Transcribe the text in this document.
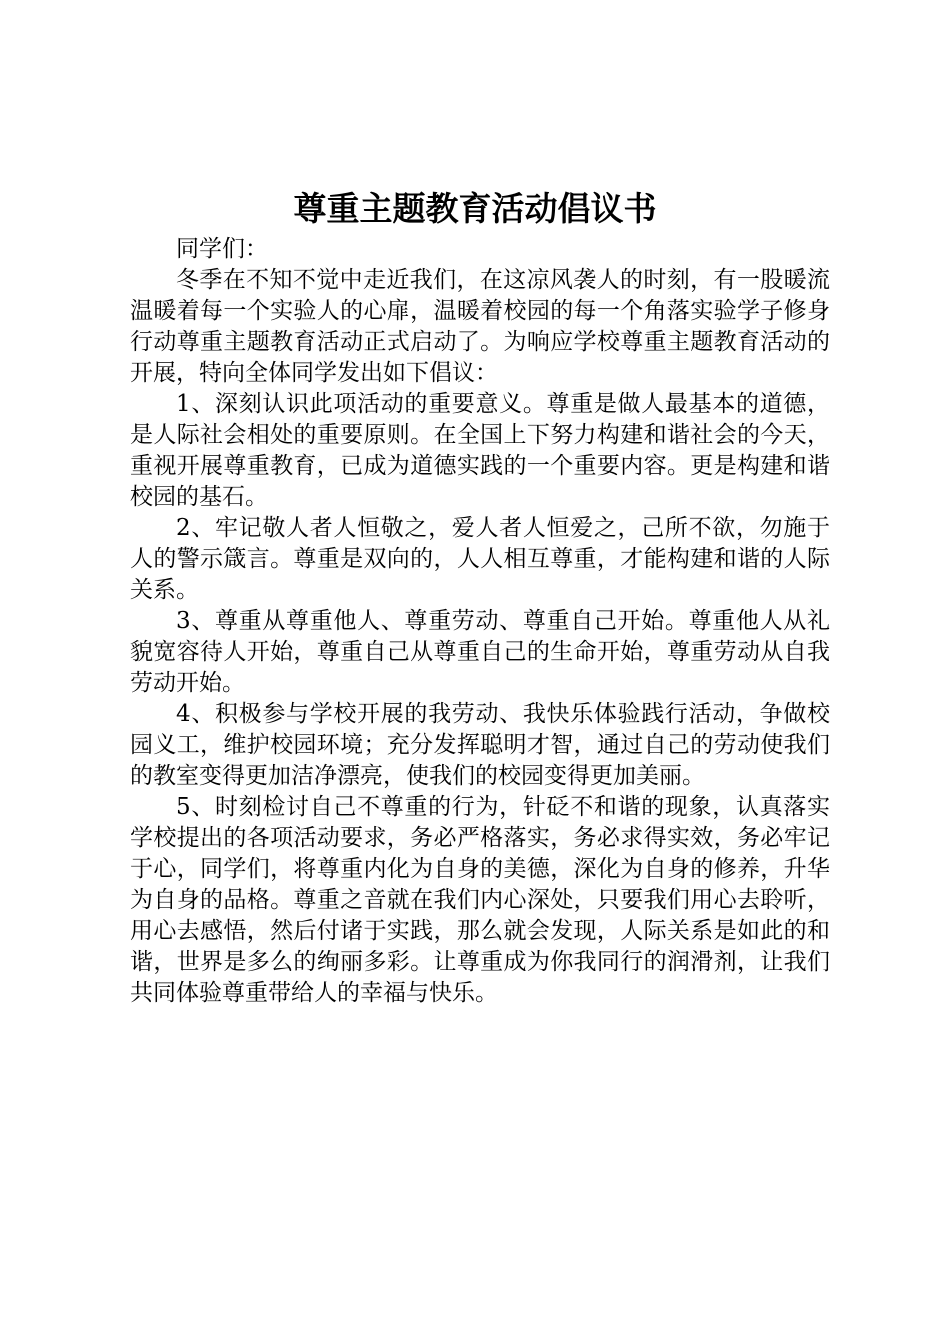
尊重主题教育活动倡议书

同学们：

冬季在不知不觉中走近我们，在这凉风袭人的时刻，有一股暖流温暖着每一个实验人的心扉，温暖着校园的每一个角落实验学子修身行动尊重主题教育活动正式启动了。为响应学校尊重主题教育活动的开展，特向全体同学发出如下倡议：

1、深刻认识此项活动的重要意义。尊重是做人最基本的道德，是人际社会相处的重要原则。在全国上下努力构建和谐社会的今天，重视开展尊重教育，已成为道德实践的一个重要内容。更是构建和谐校园的基石。

2、牢记敬人者人恒敬之，爱人者人恒爱之，己所不欲，勿施于人的警示箴言。尊重是双向的，人人相互尊重，才能构建和谐的人际关系。

3、尊重从尊重他人、尊重劳动、尊重自己开始。尊重他人从礼貌宽容待人开始，尊重自己从尊重自己的生命开始，尊重劳动从自我劳动开始。

4、积极参与学校开展的我劳动、我快乐体验践行活动，争做校园义工，维护校园环境；充分发挥聪明才智，通过自己的劳动使我们的教室变得更加洁净漂亮，使我们的校园变得更加美丽。

5、时刻检讨自己不尊重的行为，针砭不和谐的现象，认真落实学校提出的各项活动要求，务必严格落实，务必求得实效，务必牢记于心，同学们，将尊重内化为自身的美德，深化为自身的修养，升华为自身的品格。尊重之音就在我们内心深处，只要我们用心去聆听，用心去感悟，然后付诸于实践，那么就会发现，人际关系是如此的和谐，世界是多么的绚丽多彩。让尊重成为你我同行的润滑剂，让我们共同体验尊重带给人的幸福与快乐。
